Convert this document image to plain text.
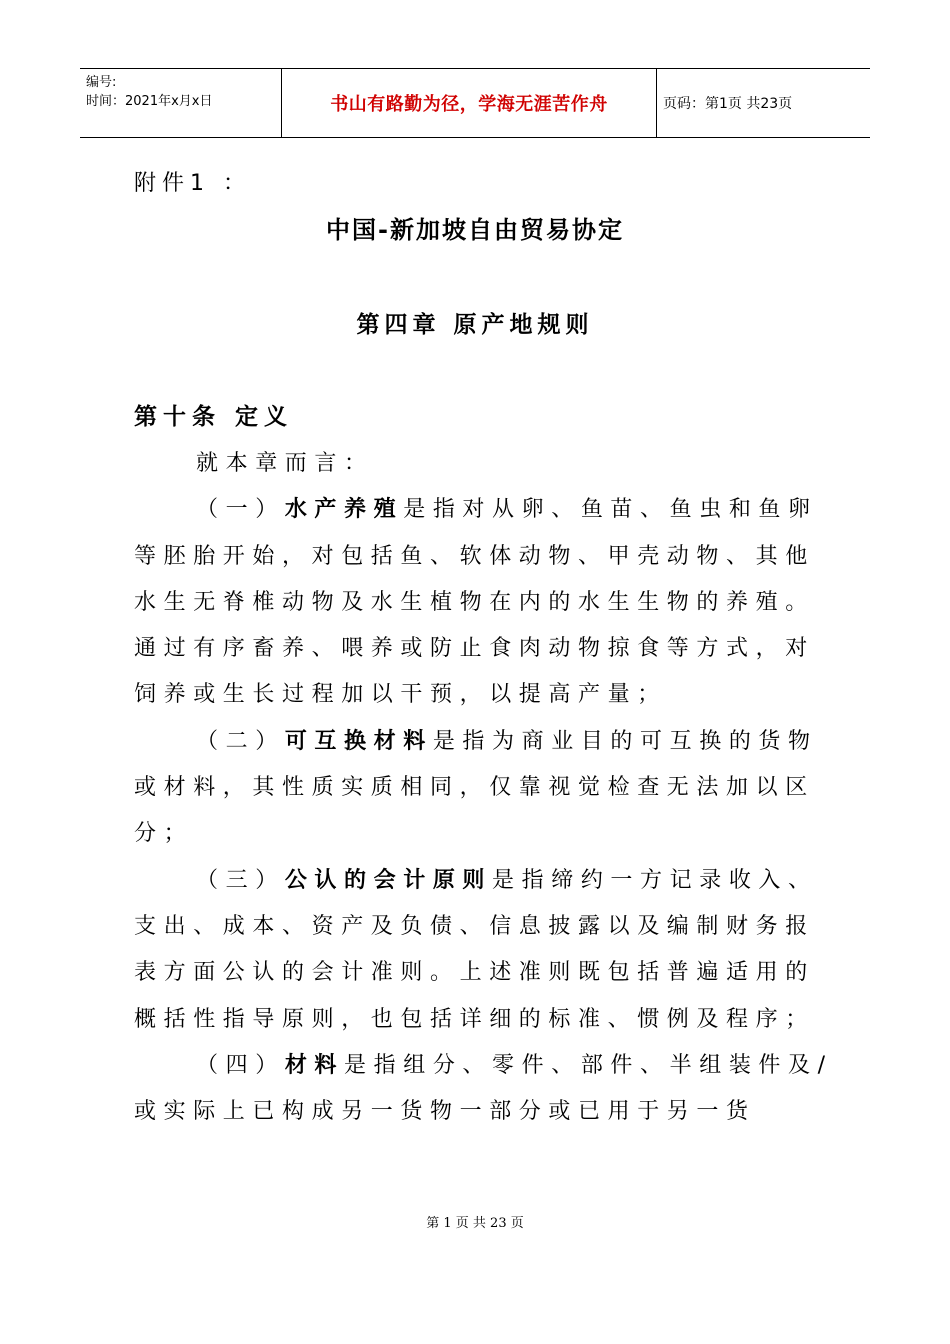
编号:
时间：2021年x月x日	书山有路勤为径，学海无涯苦作舟	页码：第1页 共23页
附件1 ：
中国-新加坡自由贸易协定
第四章 原产地规则
第十条 定义

就本章而言：

（一）水产养殖是指对从卵、鱼苗、鱼虫和鱼卵等胚胎开始，对包括鱼、软体动物、甲壳动物、其他水生无脊椎动物及水生植物在内的水生生物的养殖。通过有序畜养、喂养或防止食肉动物掠食等方式，对饲养或生长过程加以干预，以提高产量；

（二）可互换材料是指为商业目的可互换的货物或材料，其性质实质相同，仅靠视觉检查无法加以区分；

（三）公认的会计原则是指缔约一方记录收入、支出、成本、资产及负债、信息披露以及编制财务报表方面公认的会计准则。上述准则既包括普遍适用的概括性指导原则，也包括详细的标准、惯例及程序；

（四）材料是指组分、零件、部件、半组装件及/或实际上已构成另一货物一部分或已用于另一货

第 1 页 共 23 页
